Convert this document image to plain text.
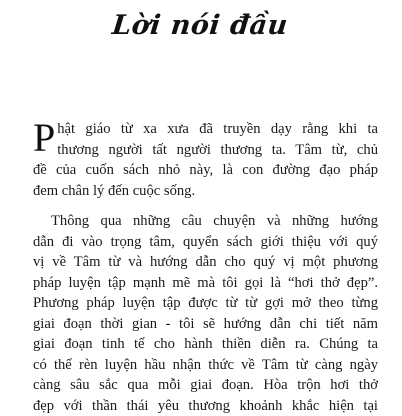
Lời nói đầu
P hật giáo từ xa xưa đã truyền dạy rằng khi ta
thương người tất người thương ta. Tâm từ, chủ
đề của cuốn sách nhỏ này, là con đường đạo pháp
đem chân lý đến cuộc sống.
Thông qua những câu chuyện và những hướng
dẫn đi vào trọng tâm, quyển sách giới thiệu với quý
vị về Tâm từ và hướng dẫn cho quý vị một phương
pháp luyện tập mạnh mẽ mà tôi gọi là “hơi thở đẹp”.
Phương pháp luyện tập được từ từ gợi mở theo từng
giai đoạn thời gian - tôi sẽ hướng dẫn chi tiết năm
giai đoạn tinh tế cho hành thiền diễn ra. Chúng ta
có thể rèn luyện hầu nhận thức về Tâm từ càng ngày
càng sâu sắc qua mỗi giai đoạn. Hòa trộn hơi thở
đẹp với thần thái yêu thương khoảnh khắc hiện tại
